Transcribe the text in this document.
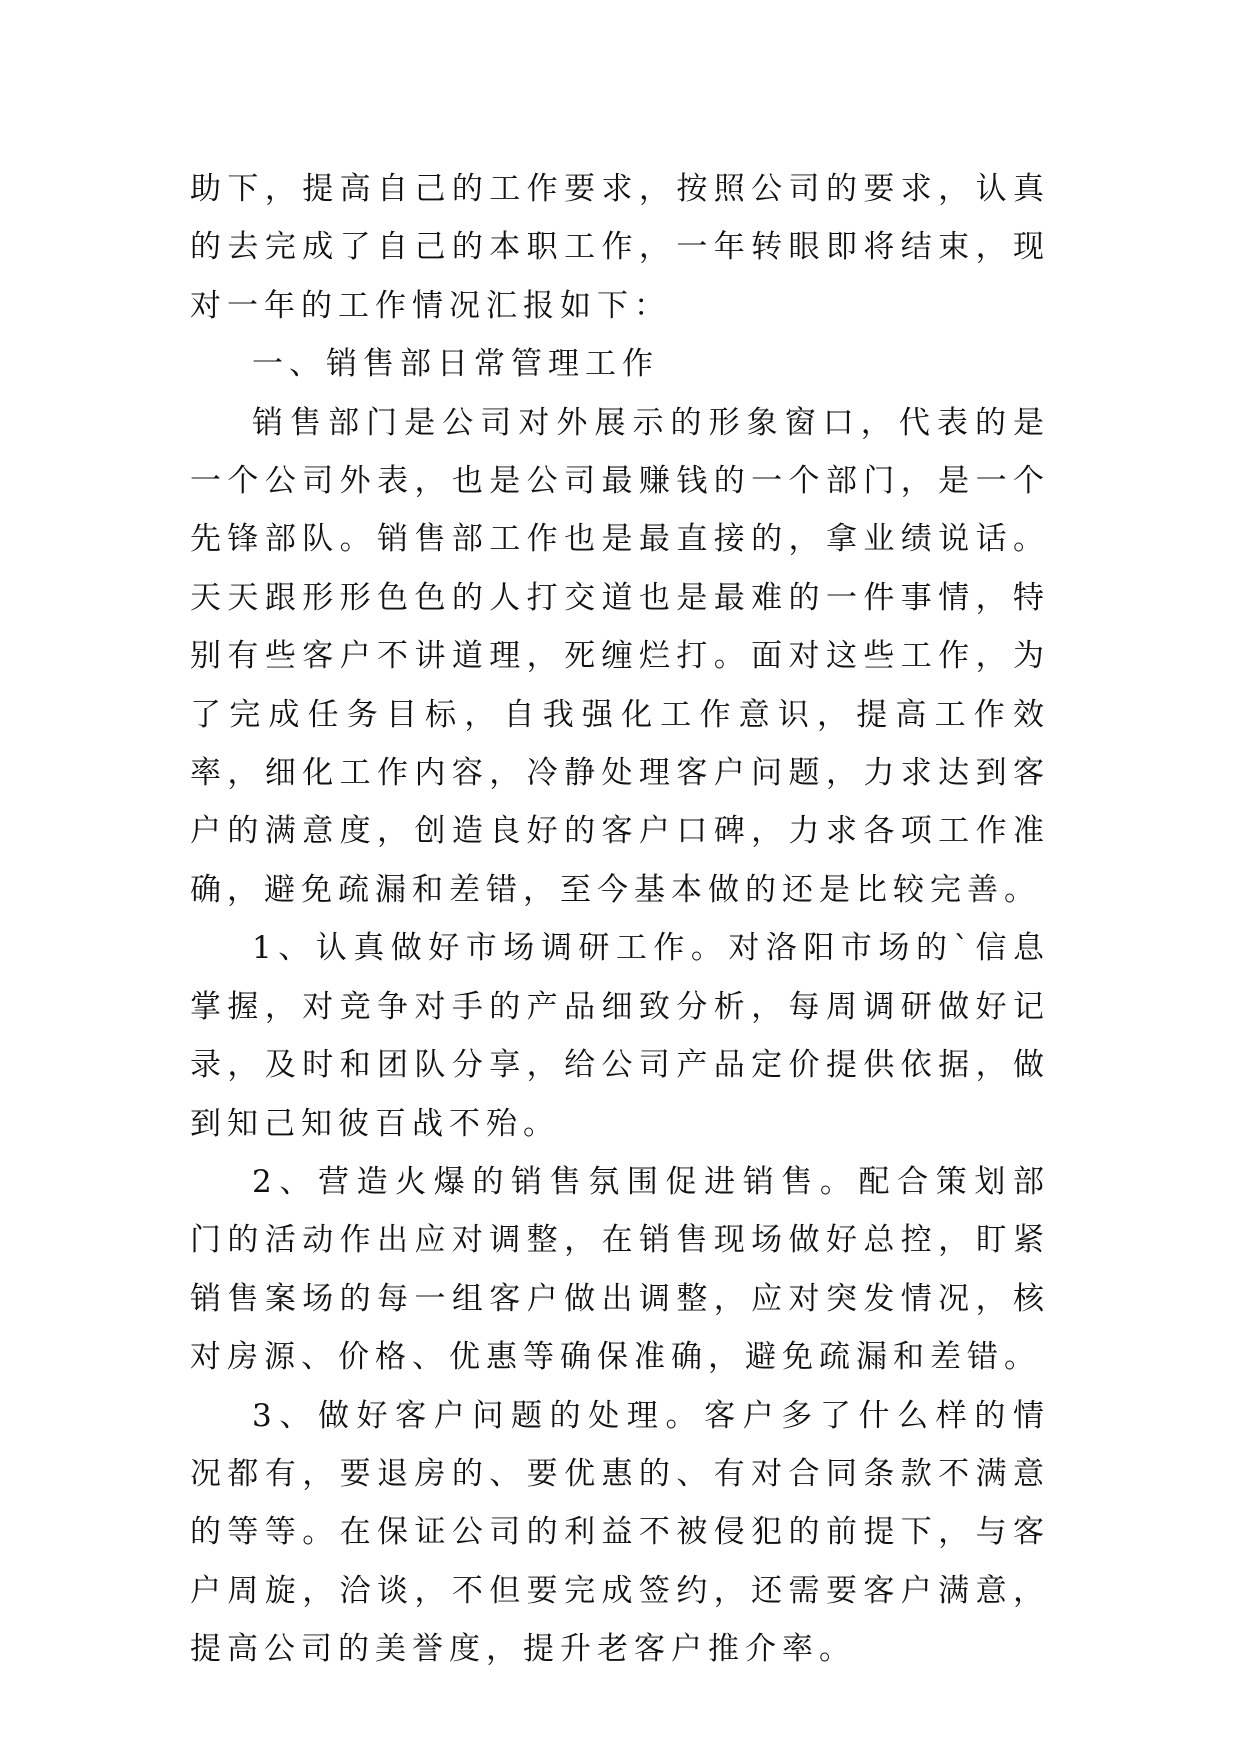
助下，提高自己的工作要求，按照公司的要求，认真的去完成了自己的本职工作，一年转眼即将结束，现对一年的工作情况汇报如下：

一、销售部日常管理工作

销售部门是公司对外展示的形象窗口，代表的是一个公司外表，也是公司最赚钱的一个部门，是一个先锋部队。销售部工作也是最直接的，拿业绩说话。天天跟形形色色的人打交道也是最难的一件事情，特别有些客户不讲道理，死缠烂打。面对这些工作，为了完成任务目标，自我强化工作意识，提高工作效率，细化工作内容，冷静处理客户问题，力求达到客户的满意度，创造良好的客户口碑，力求各项工作准确，避免疏漏和差错，至今基本做的还是比较完善。

1、认真做好市场调研工作。对洛阳市场的`信息掌握，对竞争对手的产品细致分析，每周调研做好记录，及时和团队分享，给公司产品定价提供依据，做到知己知彼百战不殆。

2、营造火爆的销售氛围促进销售。配合策划部门的活动作出应对调整，在销售现场做好总控，盯紧销售案场的每一组客户做出调整，应对突发情况，核对房源、价格、优惠等确保准确，避免疏漏和差错。

3、做好客户问题的处理。客户多了什么样的情况都有，要退房的、要优惠的、有对合同条款不满意的等等。在保证公司的利益不被侵犯的前提下，与客户周旋，洽谈，不但要完成签约，还需要客户满意，提高公司的美誉度，提升老客户推介率。
